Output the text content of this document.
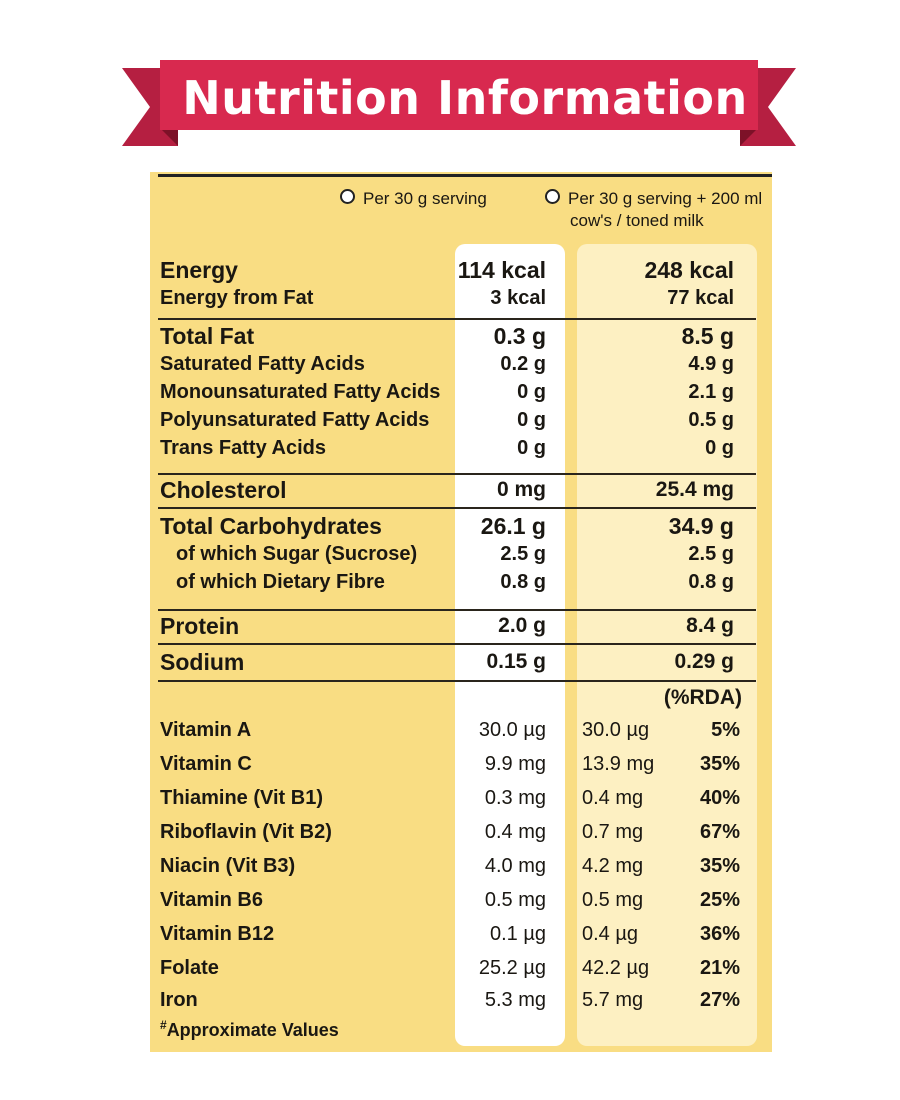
Nutrition Information
Per 30 g serving	Per 30 g serving + 200 ml
cow's / toned milk
Energy	114 kcal	248 kcal
Energy from Fat	3 kcal	77 kcal
Total Fat	0.3 g	8.5 g
Saturated Fatty Acids	0.2 g	4.9 g
Monounsaturated Fatty Acids	0 g	2.1 g
Polyunsaturated Fatty Acids	0 g	0.5 g
Trans Fatty Acids	0 g	0 g
Cholesterol	0 mg	25.4 mg
Total Carbohydrates	26.1 g	34.9 g
of which Sugar (Sucrose)	2.5 g	2.5 g
of which Dietary Fibre	0.8 g	0.8 g
Protein	2.0 g	8.4 g
Sodium	0.15 g	0.29 g
(%RDA)
Vitamin A	30.0 µg 30.0 µg	5%
Vitamin C	9.9 mg 13.9 mg 35%
Thiamine (Vit B1)	0.3 mg 0.4 mg	40%
Riboflavin (Vit B2)	0.4 mg 0.7 mg	67%
Niacin (Vit B3)	4.0 mg 4.2 mg	35%
Vitamin B6	0.5 mg 0.5 mg	25%
Vitamin B12	0.1 µg 0.4 µg	36%
Folate	25.2 µg 42.2 µg	21%
Iron	5.3 mg 5.7 mg	27%
#Approximate Values
